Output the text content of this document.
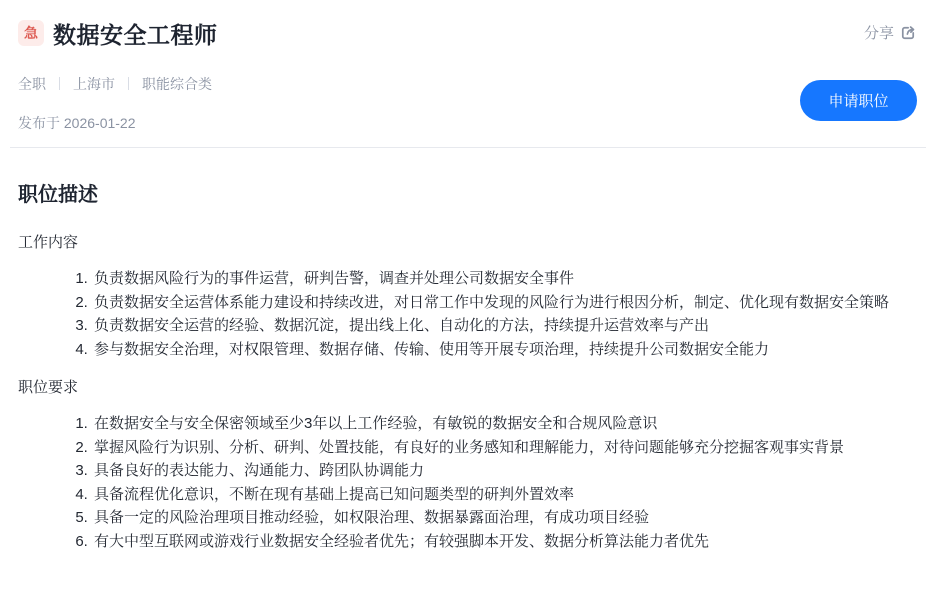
急 数据安全工程师	分享
全职 上海市 职能综合类
发布于 2026-01-22
申请职位
职位描述
工作内容
1. 负责数据风险行为的事件运营，研判告警，调查并处理公司数据安全事件
2. 负责数据安全运营体系能力建设和持续改进，对日常工作中发现的风险行为进行根因分析，制定、优化现有数据安全策略
3. 负责数据安全运营的经验、数据沉淀，提出线上化、自动化的方法，持续提升运营效率与产出
4. 参与数据安全治理，对权限管理、数据存储、传输、使用等开展专项治理，持续提升公司数据安全能力
职位要求
1. 在数据安全与安全保密领域至少3年以上工作经验，有敏锐的数据安全和合规风险意识
2. 掌握风险行为识别、分析、研判、处置技能，有良好的业务感知和理解能力，对待问题能够充分挖掘客观事实背景
3. 具备良好的表达能力、沟通能力、跨团队协调能力
4. 具备流程优化意识，不断在现有基础上提高已知问题类型的研判外置效率
5. 具备一定的风险治理项目推动经验，如权限治理、数据暴露面治理，有成功项目经验
6. 有大中型互联网或游戏行业数据安全经验者优先；有较强脚本开发、数据分析算法能力者优先
